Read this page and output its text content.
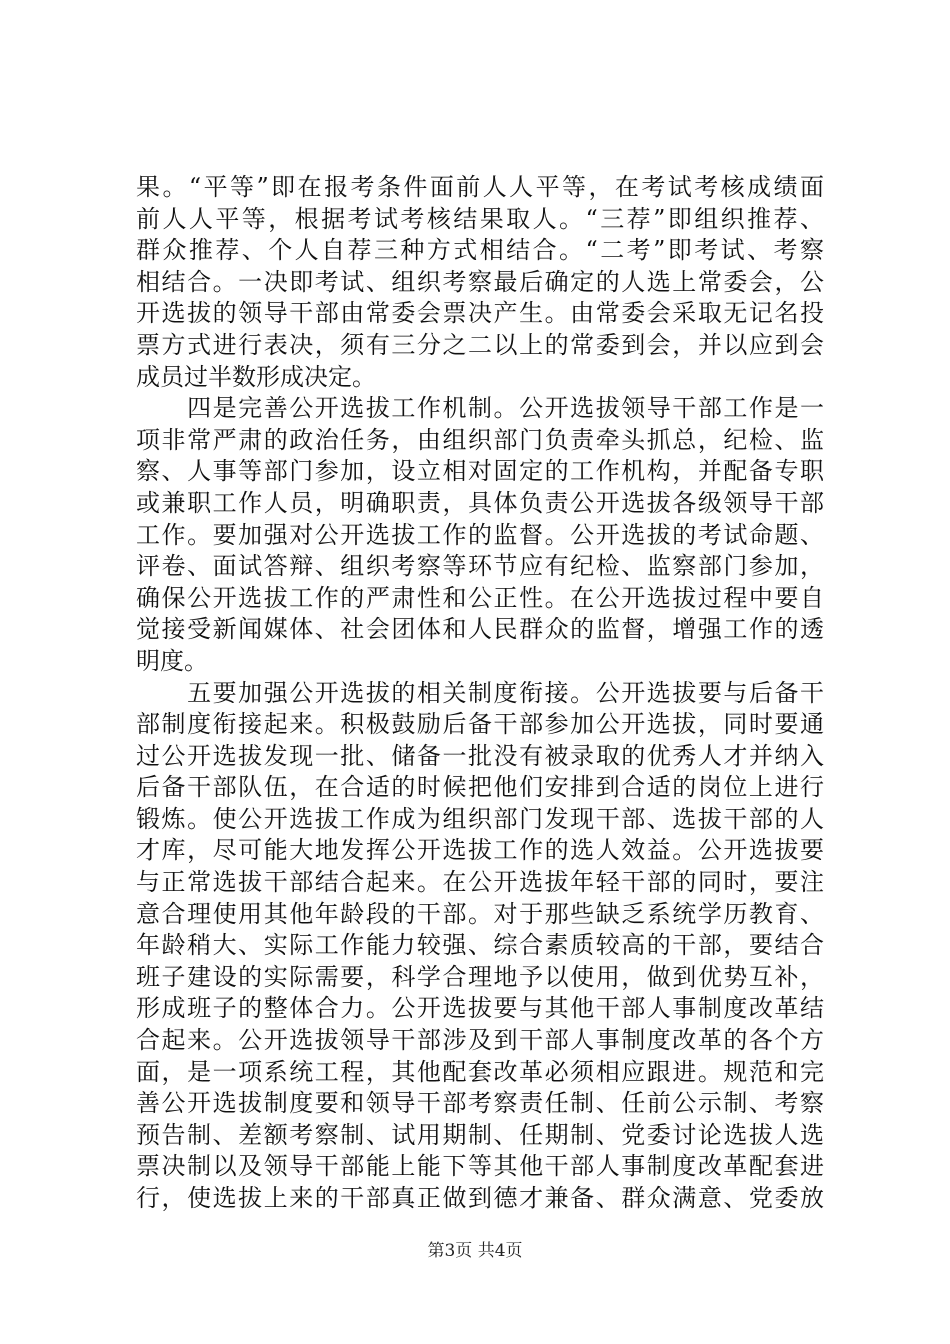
果。“平等”即在报考条件面前人人平等，在考试考核成绩面
前人人平等，根据考试考核结果取人。“三荐”即组织推荐、
群众推荐、个人自荐三种方式相结合。“二考”即考试、考察
相结合。一决即考试、组织考察最后确定的人选上常委会，公
开选拔的领导干部由常委会票决产生。由常委会采取无记名投
票方式进行表决，须有三分之二以上的常委到会，并以应到会
成员过半数形成决定。
　　四是完善公开选拔工作机制。公开选拔领导干部工作是一
项非常严肃的政治任务，由组织部门负责牵头抓总，纪检、监
察、人事等部门参加，设立相对固定的工作机构，并配备专职
或兼职工作人员，明确职责，具体负责公开选拔各级领导干部
工作。要加强对公开选拔工作的监督。公开选拔的考试命题、
评卷、面试答辩、组织考察等环节应有纪检、监察部门参加，
确保公开选拔工作的严肃性和公正性。在公开选拔过程中要自
觉接受新闻媒体、社会团体和人民群众的监督，增强工作的透
明度。
　　五要加强公开选拔的相关制度衔接。公开选拔要与后备干
部制度衔接起来。积极鼓励后备干部参加公开选拔，同时要通
过公开选拔发现一批、储备一批没有被录取的优秀人才并纳入
后备干部队伍，在合适的时候把他们安排到合适的岗位上进行
锻炼。使公开选拔工作成为组织部门发现干部、选拔干部的人
才库，尽可能大地发挥公开选拔工作的选人效益。公开选拔要
与正常选拔干部结合起来。在公开选拔年轻干部的同时，要注
意合理使用其他年龄段的干部。对于那些缺乏系统学历教育、
年龄稍大、实际工作能力较强、综合素质较高的干部，要结合
班子建设的实际需要，科学合理地予以使用，做到优势互补，
形成班子的整体合力。公开选拔要与其他干部人事制度改革结
合起来。公开选拔领导干部涉及到干部人事制度改革的各个方
面，是一项系统工程，其他配套改革必须相应跟进。规范和完
善公开选拔制度要和领导干部考察责任制、任前公示制、考察
预告制、差额考察制、试用期制、任期制、党委讨论选拔人选
票决制以及领导干部能上能下等其他干部人事制度改革配套进
行，使选拔上来的干部真正做到德才兼备、群众满意、党委放
第3页 共4页
